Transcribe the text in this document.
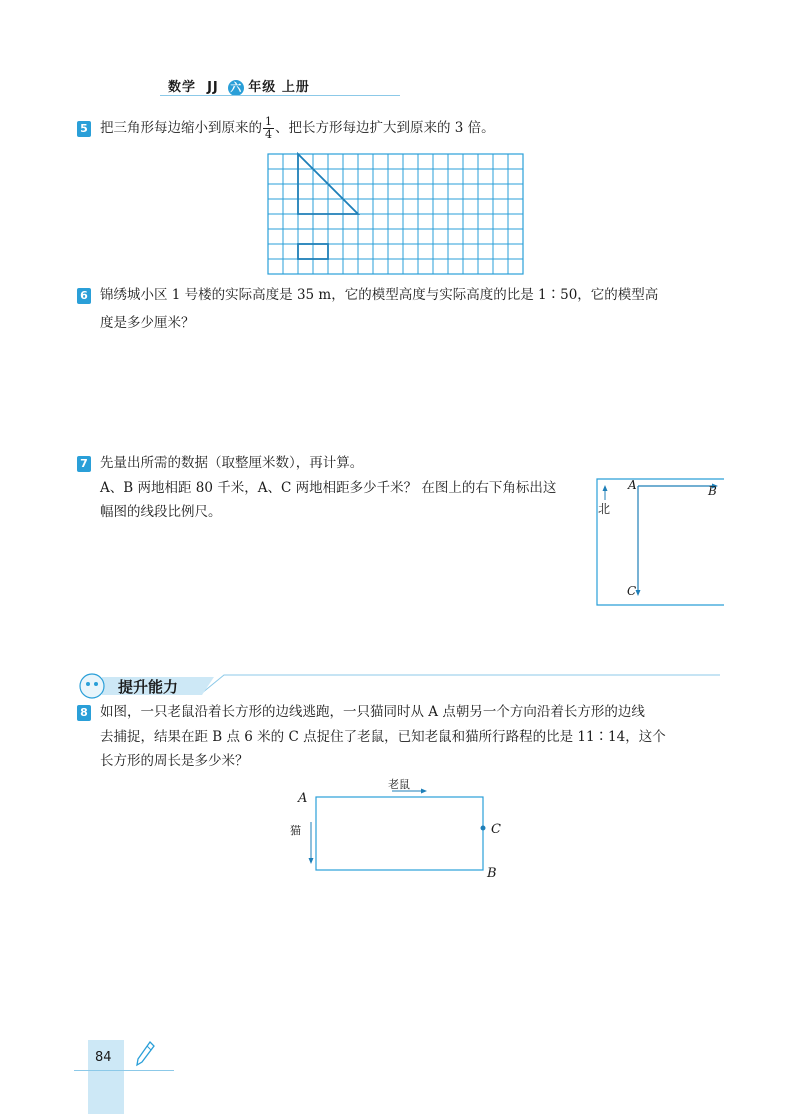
数学 JJ 六 年级 上册
5 把三角形每边缩小到原来的 $\frac{1}{4}$ 、把长方形每边扩大到原来的 3 倍。
6 锦绣城小区 1 号楼的实际高度是 35 m，它的模型高度与实际高度的比是 1∶50，它的模型高
度是多少厘米？
7 先量出所需的数据（取整厘米数），再计算。
A、B 两地相距 80 千米，A、C 两地相距多少千米？ 在图上的右下角标出这
幅图的线段比例尺。	北
A	B
C
提升能力
8 如图，一只老鼠沿着长方形的边线逃跑，一只猫同时从 A 点朝另一个方向沿着长方形的边线
去捕捉，结果在距 B 点 6 米的 C 点捉住了老鼠，已知老鼠和猫所行路程的比是 11∶14，这个
长方形的周长是多少米？
A
B
C
老鼠
猫
84
